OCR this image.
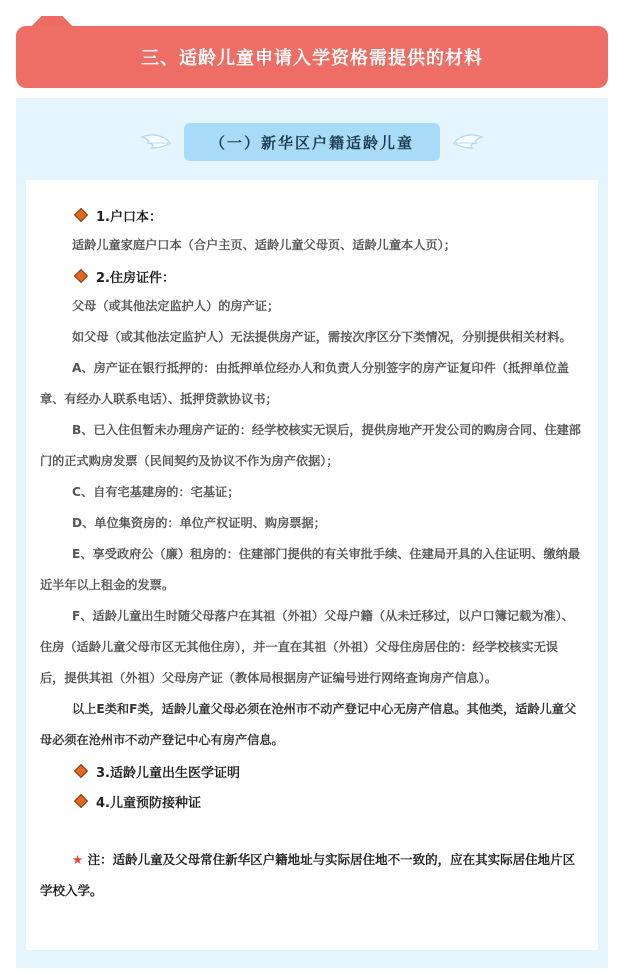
三、适龄儿童申请入学资格需提供的材料
（一）新华区户籍适龄儿童
1.户口本：
适龄儿童家庭户口本（合户主页、适龄儿童父母页、适龄儿童本人页）；
2.住房证件：
父母（或其他法定监护人）的房产证；
如父母（或其他法定监护人）无法提供房产证，需按次序区分下类情况，分别提供相关材料。
A、房产证在银行抵押的：由抵押单位经办人和负责人分别签字的房产证复印件（抵押单位盖章、有经办人联系电话）、抵押贷款协议书；
B、已入住但暂未办理房产证的：经学校核实无误后，提供房地产开发公司的购房合同、住建部门的正式购房发票（民间契约及协议不作为房产依据）；
C、自有宅基建房的：宅基证；
D、单位集资房的：单位产权证明、购房票据；
E、享受政府公（廉）租房的：住建部门提供的有关审批手续、住建局开具的入住证明、缴纳最近半年以上租金的发票。
F、适龄儿童出生时随父母落户在其祖（外祖）父母户籍（从未迁移过，以户口簿记载为准）、住房（适龄儿童父母市区无其他住房），并一直在其祖（外祖）父母住房居住的：经学校核实无误后，提供其祖（外祖）父母房产证（教体局根据房产证编号进行网络查询房产信息）。
以上E类和F类，适龄儿童父母必须在沧州市不动产登记中心无房产信息。其他类，适龄儿童父母必须在沧州市不动产登记中心有房产信息。
3.适龄儿童出生医学证明
4.儿童预防接种证
★ 注：适龄儿童及父母常住新华区户籍地址与实际居住地不一致的，应在其实际居住地片区学校入学。
